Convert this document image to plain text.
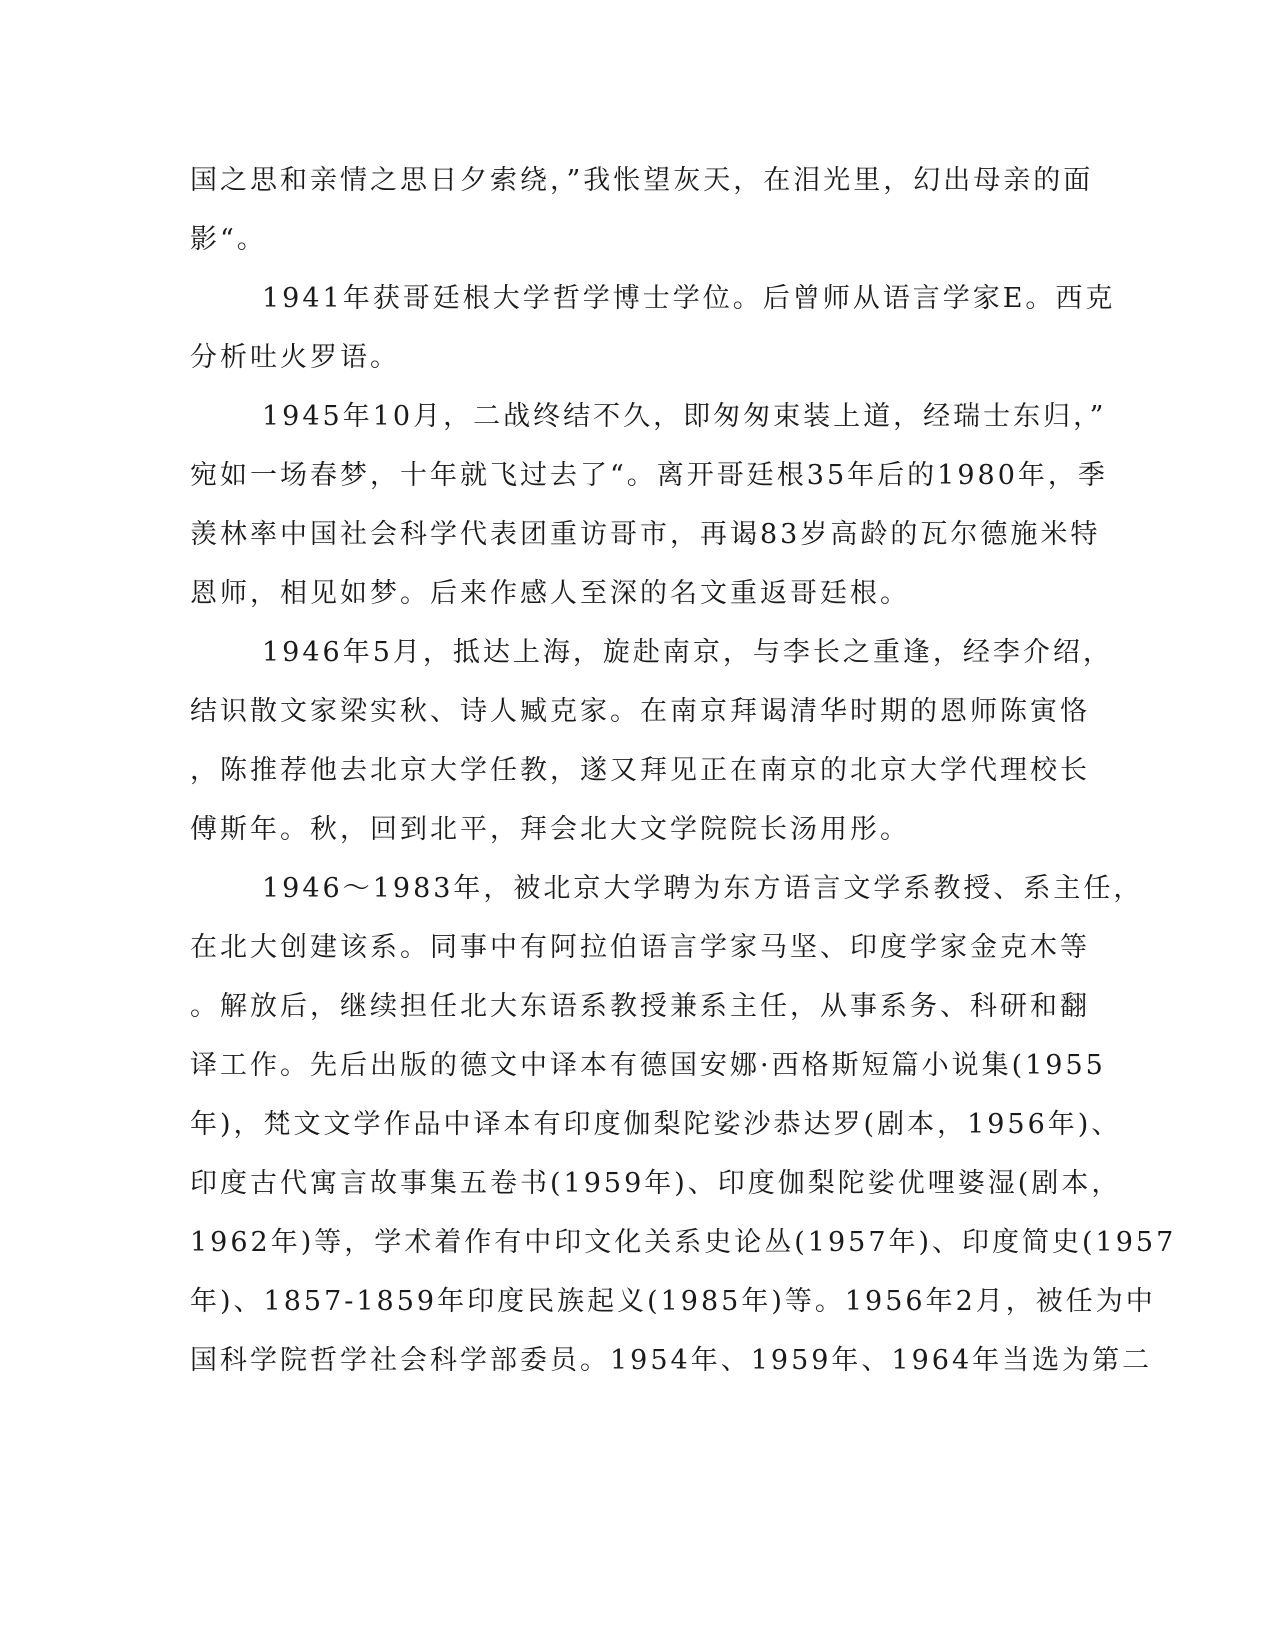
国之思和亲情之思日夕索绕，”我怅望灰天，在泪光里，幻出母亲的面
影“。
1941年获哥廷根大学哲学博士学位。后曾师从语言学家E。西克
分析吐火罗语。
1945年10月，二战终结不久，即匆匆束装上道，经瑞士东归，”
宛如一场春梦，十年就飞过去了“。离开哥廷根35年后的1980年，季
羡林率中国社会科学代表团重访哥市，再谒83岁高龄的瓦尔德施米特
恩师，相见如梦。后来作感人至深的名文重返哥廷根。
1946年5月，抵达上海，旋赴南京，与李长之重逢，经李介绍，
结识散文家梁实秋、诗人臧克家。在南京拜谒清华时期的恩师陈寅恪
，陈推荐他去北京大学任教，遂又拜见正在南京的北京大学代理校长
傅斯年。秋，回到北平，拜会北大文学院院长汤用彤。
1946～1983年，被北京大学聘为东方语言文学系教授、系主任，
在北大创建该系。同事中有阿拉伯语言学家马坚、印度学家金克木等
。解放后，继续担任北大东语系教授兼系主任，从事系务、科研和翻
译工作。先后出版的德文中译本有德国安娜·西格斯短篇小说集(1955
年)，梵文文学作品中译本有印度伽梨陀娑沙恭达罗(剧本，1956年)、
印度古代寓言故事集五卷书(1959年)、印度伽梨陀娑优哩婆湿(剧本，
1962年)等，学术着作有中印文化关系史论丛(1957年)、印度简史(1957
年)、1857-1859年印度民族起义(1985年)等。1956年2月，被任为中
国科学院哲学社会科学部委员。1954年、1959年、1964年当选为第二
